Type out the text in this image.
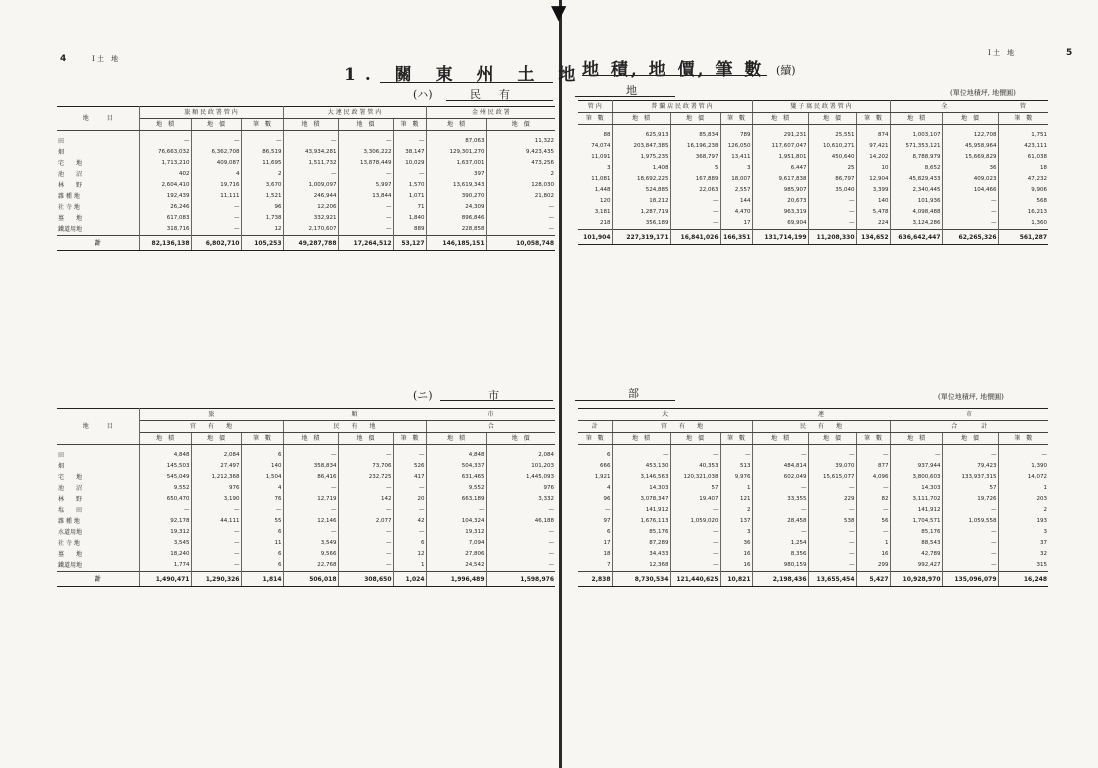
▼
4	Ⅰ 土　地
1. 關 東 州 土 地
(ハ)	民 　 有
地 積, 地 價, 筆 數 (續)
Ⅰ 土　地	5
地	(單位地積坪, 地價圓)
地　　　目	旅 順 民 政 署 管 内			大 連 民 政 署 管 内			金 州 民 政 署	
	地　積	地　價	筆　數	地　積	地　價	筆　數	地　積	地　價

田	—	—	—	—	—	—	87,063	11,322
畑	76,663,032	6,362,708	86,519	43,934,281	3,306,222	38,147	129,301,270	9,423,435
宅　　地	1,713,210	409,087	11,695	1,511,732	13,878,449	10,029	1,637,001	473,256
池　　沼	402	4	2	—	—	—	397	2
林　　野	2,604,410	19,716	3,670	1,009,097	5,997	1,570	13,619,343	128,030
雜 種 地	192,439	11,111	1,521	246,944	13,844	1,071	390,270	21,802
社 寺 地	26,246	—	96	12,206	—	71	24,309	—
墓　　地	617,083	—	1,738	332,921	—	1,840	896,846	—
鐵道用地	318,716	—	12	2,170,607	—	889	228,858	—
計	82,136,138	6,802,710	105,253	49,287,788	17,264,512	53,127	146,185,151	10,058,748
管 内	普 蘭 店 民 政 署 管 内			貔 子 窩 民 政 署 管 内			全		管
筆　數	地　積	地　價	筆　數	地　積	地　價	筆　數	地　積	地　價	筆　數

88	625,913	85,834	789	291,231	25,551	874	1,003,107	122,708	1,751
74,074	203,847,385	16,196,238	126,050	117,607,047	10,610,271	97,421	571,353,121	45,958,964	423,111
11,091	1,975,235	368,797	13,411	1,951,801	450,640	14,202	8,788,979	15,669,829	61,038
3	1,408	5	3	6,447	25	10	8,652	36	18
11,081	18,692,225	167,889	18,007	9,617,838	86,797	12,904	45,829,433	409,023	47,232
1,448	524,885	22,063	2,557	985,907	35,040	3,399	2,340,445	104,466	9,906
120	18,212	—	144	20,673	—	140	101,936	—	568
3,181	1,287,719	—	4,470	963,319	—	5,478	4,098,488	—	16,213
218	356,189	—	17	69,904	—	224	3,124,286	—	1,360
101,904	227,319,171	16,841,026	166,351	131,714,199	11,208,330	134,652	636,642,447	62,265,326	561,287
(ニ)	市	部	(單位地積坪, 地價圓)
地　　　目	旅			順			市	
	官　　有　　地			民　　有　　地			合	
	地　積	地　價	筆　數	地　積	地　價	筆　數	地　積	地　價

田	4,848	2,084	6	—	—	—	4,848	2,084
畑	145,503	27,497	140	358,834	73,706	526	504,337	101,203
宅　　地	545,049	1,212,368	1,504	86,416	232,725	417	631,465	1,445,093
池　　沼	9,552	976	4	—	—	—	9,552	976
林　　野	650,470	3,190	76	12,719	142	20	663,189	3,332
塩　　田	—	—	—	—	—	—	—	—
雜 種 地	92,178	44,111	55	12,146	2,077	42	104,324	46,188
水道用地	19,312	—	6	—	—	—	19,312	—
社 寺 地	3,545	—	11	3,549	—	6	7,094	—
墓　　地	18,240	—	6	9,566	—	12	27,806	—
鐵道用地	1,774	—	6	22,768	—	1	24,542	—
計	1,490,471	1,290,326	1,814	506,018	308,650	1,024	1,996,489	1,598,976
大				連			市		
計	官　　有　　地			民　　有　　地			合　　　　計		
筆　數	地　積	地　價	筆　數	地　積	地　價	筆　數	地　積	地　價	筆　數

6	—	—	—	—	—	—	—	—	—
666	453,130	40,353	513	484,814	39,070	877	937,944	79,423	1,390
1,921	3,146,563	120,321,038	9,976	602,049	15,615,077	4,096	3,800,603	133,937,315	14,072
4	14,303	57	1	—	—	—	14,303	57	1
96	3,078,347	19,407	121	33,355	229	82	3,111,702	19,726	203
—	141,912	—	2	—	—	—	141,912	—	2
97	1,676,113	1,059,020	137	28,458	538	56	1,704,571	1,059,558	193
6	85,176	—	3	—	—	—	85,176	—	3
17	87,289	—	36	1,254	—	1	88,543	—	37
18	34,433	—	16	8,356	—	16	42,789	—	32
7	12,368	—	16	980,159	—	299	992,427	—	315
2,838	8,730,534	121,440,625	10,821	2,198,436	13,655,454	5,427	10,928,970	135,096,079	16,248
